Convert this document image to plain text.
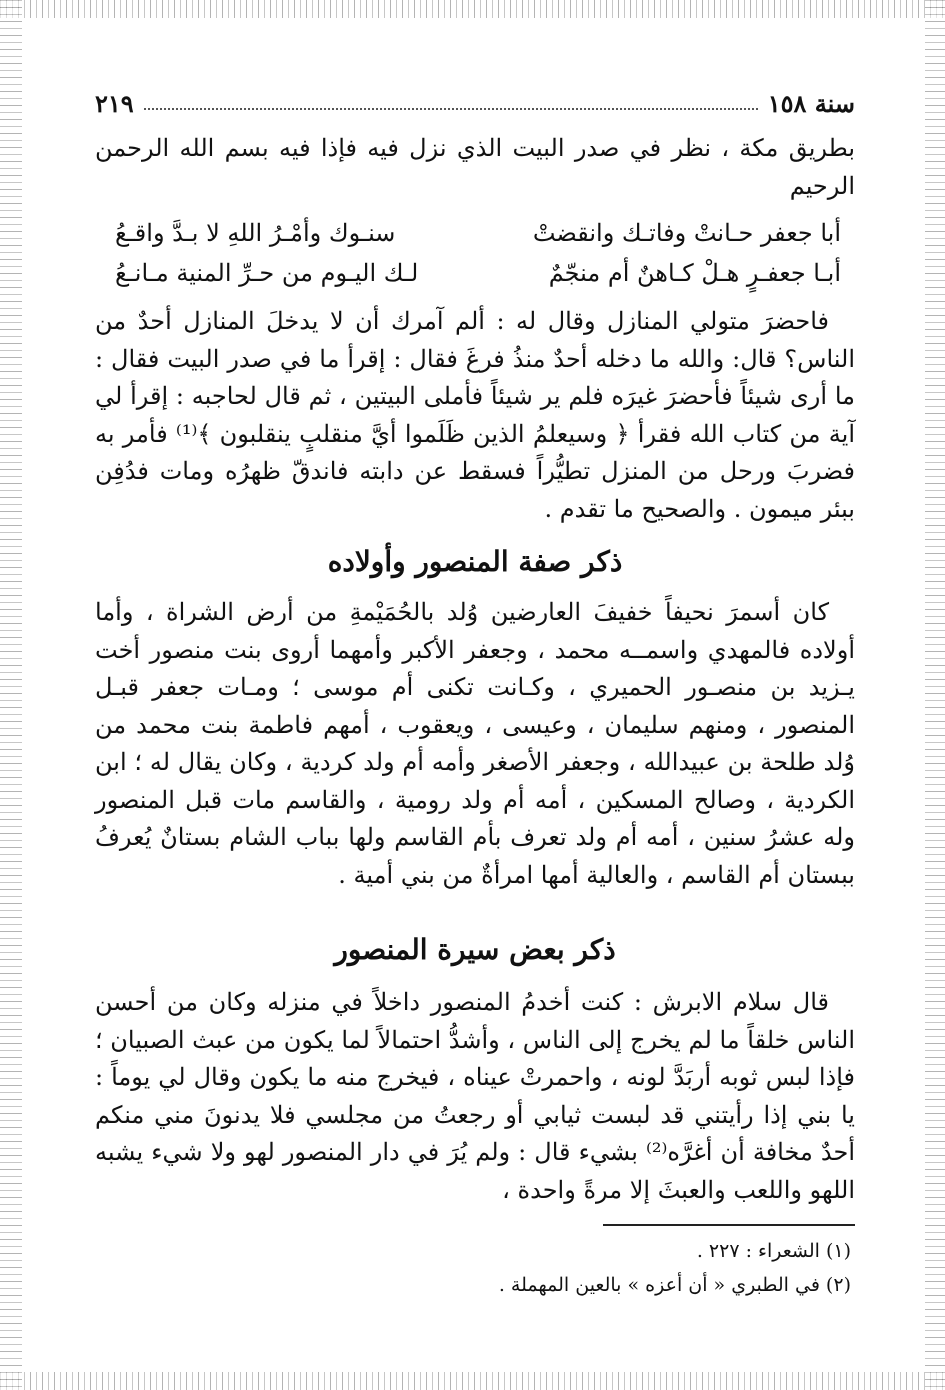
سنة ١٥٨
٢١٩

بطريق مكة ، نظر في صدر البيت الذي نزل فيه فإذا فيه بسم الله الرحمن الرحيم

أبا جعفر حـانتْ وفاتـك وانقضتْ
سنـوك وأمْـرُ اللهِ لا بـدَّ واقـعُ
أبـا جعفـرٍ هـلْ كـاهنٌ أم منجّمٌ
لـك اليـوم من حـرِّ المنية مـانـعُ

فاحضرَ متولي المنازل وقال له : ألم آمرك أن لا يدخلَ المنازل أحدٌ من الناس؟ قال: والله ما دخله أحدٌ منذُ فرغَ فقال : إقرأ ما في صدر البيت فقال : ما أرى شيئاً فأحضرَ غيرَه فلم ير شيئاً فأملى البيتين ، ثم قال لحاجبه : إقرأ لي آية من كتاب الله فقرأ ﴿ وسيعلمُ الذين ظَلَموا أيَّ منقلبٍ ينقلبون ﴾⁽¹⁾ فأمر به فضربَ ورحل من المنزل تطيُّراً فسقط عن دابته فاندقّ ظهرُه ومات فدُفِن ببئر ميمون . والصحيح ما تقدم .

ذكر صفة المنصور وأولاده

كان أسمرَ نحيفاً خفيفَ العارضين وُلد بالحُمَيْمةِ من أرض الشراة ، وأما أولاده فالمهدي واسمــه محمد ، وجعفر الأكبر وأمهما أروى بنت منصور أخت يـزيد بن منصـور الحميري ، وكـانت تكنى أم موسى ؛ ومـات جعفر قبـل المنصور ، ومنهم سليمان ، وعيسى ، ويعقوب ، أمهم فاطمة بنت محمد من وُلد طلحة بن عبيدالله ، وجعفر الأصغر وأمه أم ولد كردية ، وكان يقال له ؛ ابن الكردية ، وصالح المسكين ، أمه أم ولد رومية ، والقاسم مات قبل المنصور وله عشرُ سنين ، أمه أم ولد تعرف بأم القاسم ولها بباب الشام بستانٌ يُعرفُ ببستان أم القاسم ، والعالية أمها امرأةٌ من بني أمية .

ذكر بعض سيرة المنصور

قال سلام الابرش : كنت أخدمُ المنصور داخلاً في منزله وكان من أحسن الناس خلقاً ما لم يخرج إلى الناس ، وأشدُّ احتمالاً لما يكون من عبث الصبيان ؛ فإذا لبس ثوبه أربَدَّ لونه ، واحمرتْ عيناه ، فيخرج منه ما يكون وقال لي يوماً : يا بني إذا رأيتني قد لبست ثيابي أو رجعتُ من مجلسي فلا يدنونَ مني منكم أحدٌ مخافة أن أغرَّه⁽²⁾ بشيء قال : ولم يُرَ في دار المنصور لهو ولا شيء يشبه اللهو واللعب والعبثَ إلا مرةً واحدة ،

(١) الشعراء : ٢٢٧ .

(٢) في الطبري « أن أعزه » بالعين المهملة .
